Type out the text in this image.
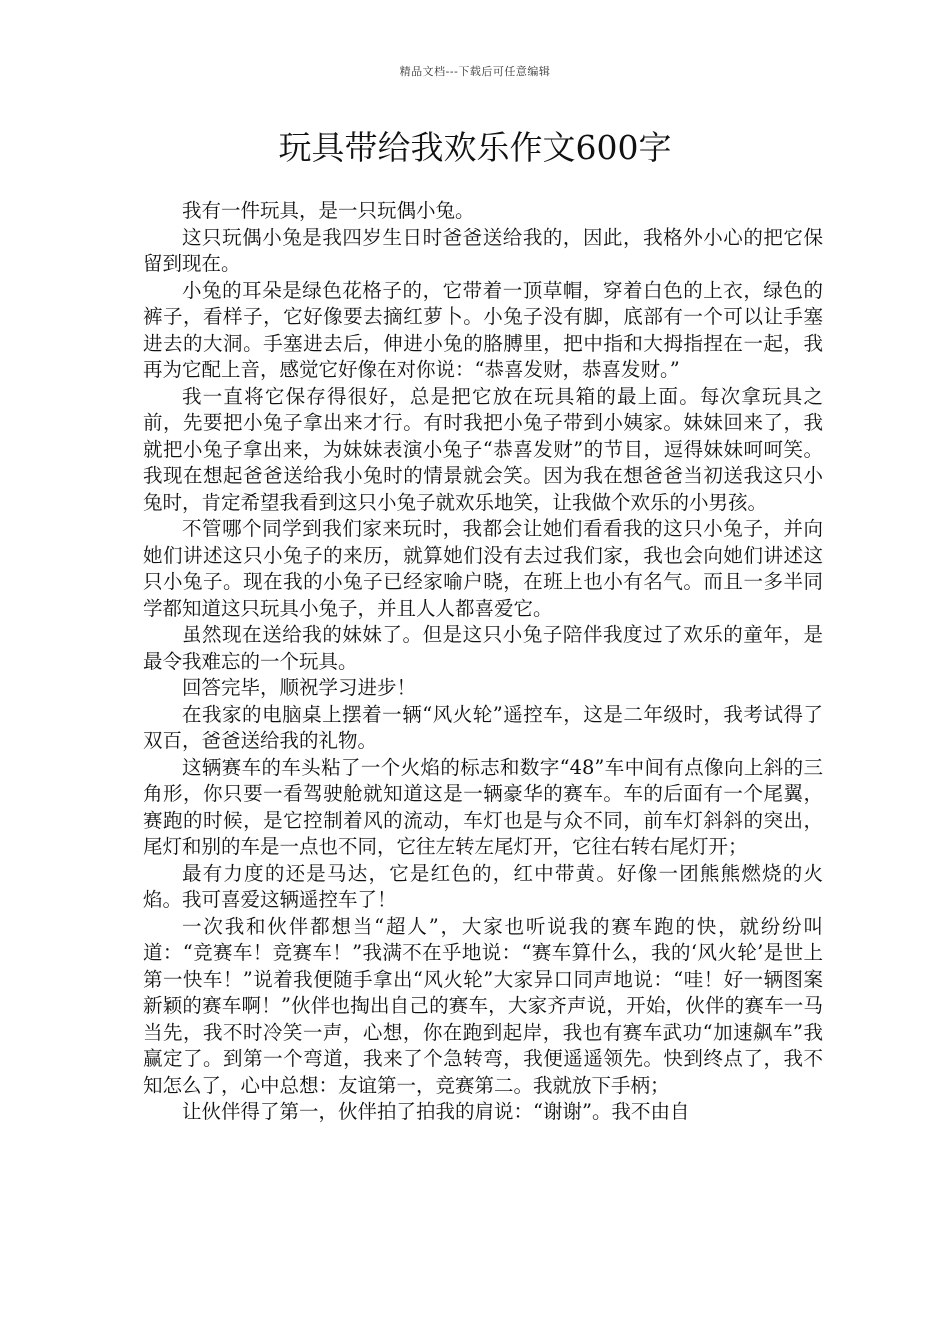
精品文档---下载后可任意编辑
玩具带给我欢乐作文600字

我有一件玩具，是一只玩偶小兔。

这只玩偶小兔是我四岁生日时爸爸送给我的，因此，我格外小心的把它保留到现在。

小兔的耳朵是绿色花格子的，它带着一顶草帽，穿着白色的上衣，绿色的裤子，看样子，它好像要去摘红萝卜。小兔子没有脚，底部有一个可以让手塞进去的大洞。手塞进去后，伸进小兔的胳膊里，把中指和大拇指捏在一起，我再为它配上音，感觉它好像在对你说：“恭喜发财，恭喜发财。”

我一直将它保存得很好，总是把它放在玩具箱的最上面。每次拿玩具之前，先要把小兔子拿出来才行。有时我把小兔子带到小姨家。妹妹回来了，我就把小兔子拿出来，为妹妹表演小兔子“恭喜发财”的节目，逗得妹妹呵呵笑。我现在想起爸爸送给我小兔时的情景就会笑。因为我在想爸爸当初送我这只小兔时，肯定希望我看到这只小兔子就欢乐地笑，让我做个欢乐的小男孩。

不管哪个同学到我们家来玩时，我都会让她们看看我的这只小兔子，并向她们讲述这只小兔子的来历，就算她们没有去过我们家，我也会向她们讲述这只小兔子。现在我的小兔子已经家喻户晓，在班上也小有名气。而且一多半同学都知道这只玩具小兔子，并且人人都喜爱它。

虽然现在送给我的妹妹了。但是这只小兔子陪伴我度过了欢乐的童年，是最令我难忘的一个玩具。

回答完毕，顺祝学习进步！

在我家的电脑桌上摆着一辆“风火轮”遥控车，这是二年级时，我考试得了双百，爸爸送给我的礼物。

这辆赛车的车头粘了一个火焰的标志和数字“48”车中间有点像向上斜的三角形，你只要一看驾驶舱就知道这是一辆豪华的赛车。车的后面有一个尾翼，赛跑的时候，是它控制着风的流动，车灯也是与众不同，前车灯斜斜的突出，尾灯和别的车是一点也不同，它往左转左尾灯开，它往右转右尾灯开；

最有力度的还是马达，它是红色的，红中带黄。好像一团熊熊燃烧的火焰。我可喜爱这辆遥控车了！

一次我和伙伴都想当“超人”，大家也听说我的赛车跑的快，就纷纷叫道：“竞赛车！竞赛车！”我满不在乎地说：“赛车算什么，我的‘风火轮’是世上第一快车！”说着我便随手拿出“风火轮”大家异口同声地说：“哇！好一辆图案新颖的赛车啊！”伙伴也掏出自己的赛车，大家齐声说，开始，伙伴的赛车一马当先，我不时冷笑一声，心想，你在跑到起岸，我也有赛车武功“加速飙车”我赢定了。到第一个弯道，我来了个急转弯，我便遥遥领先。快到终点了，我不知怎么了，心中总想：友谊第一，竞赛第二。我就放下手柄；

让伙伴得了第一，伙伴拍了拍我的肩说：“谢谢”。我不由自
